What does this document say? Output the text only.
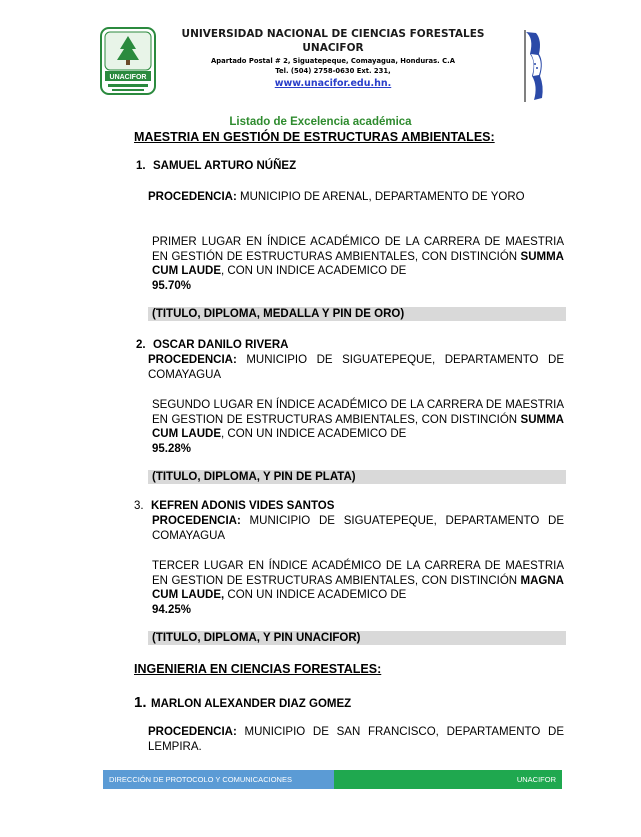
UNACIFOR
UNIVERSIDAD NACIONAL DE CIENCIAS FORESTALES
UNACIFOR
Apartado Postal # 2, Siguatepeque, Comayagua, Honduras. C.A
Tel. (504) 2758-0630 Ext. 231,
www.unacifor.edu.hn.
Listado de Excelencia académica
MAESTRIA EN GESTIÓN DE ESTRUCTURAS AMBIENTALES:
1. SAMUEL ARTURO NÚÑEZ
PROCEDENCIA: MUNICIPIO DE ARENAL, DEPARTAMENTO DE YORO
PRIMER LUGAR EN ÍNDICE ACADÉMICO DE LA CARRERA DE MAESTRIA EN GESTIÓN DE ESTRUCTURAS AMBIENTALES, CON DISTINCIÓN SUMMA CUM LAUDE, CON UN INDICE ACADEMICO DE
95.70%
(TITULO, DIPLOMA, MEDALLA Y PIN DE ORO)
2. OSCAR DANILO RIVERA
PROCEDENCIA: MUNICIPIO DE SIGUATEPEQUE, DEPARTAMENTO DE COMAYAGUA
SEGUNDO LUGAR EN ÍNDICE ACADÉMICO DE LA CARRERA DE MAESTRIA EN GESTION DE ESTRUCTURAS AMBIENTALES, CON DISTINCIÓN SUMMA CUM LAUDE, CON UN INDICE ACADEMICO DE
95.28%
(TITULO, DIPLOMA, Y PIN DE PLATA)
3. KEFREN ADONIS VIDES SANTOS
PROCEDENCIA: MUNICIPIO DE SIGUATEPEQUE, DEPARTAMENTO DE COMAYAGUA
TERCER LUGAR EN ÍNDICE ACADÉMICO DE LA CARRERA DE MAESTRIA EN GESTION DE ESTRUCTURAS AMBIENTALES, CON DISTINCIÓN MAGNA CUM LAUDE, CON UN INDICE ACADEMICO DE
94.25%
(TITULO, DIPLOMA, Y PIN UNACIFOR)
INGENIERIA EN CIENCIAS FORESTALES:
1. MARLON ALEXANDER DIAZ GOMEZ
PROCEDENCIA: MUNICIPIO DE SAN FRANCISCO, DEPARTAMENTO DE LEMPIRA.
DIRECCIÓN DE PROTOCOLO Y COMUNICACIONES	UNACIFOR
